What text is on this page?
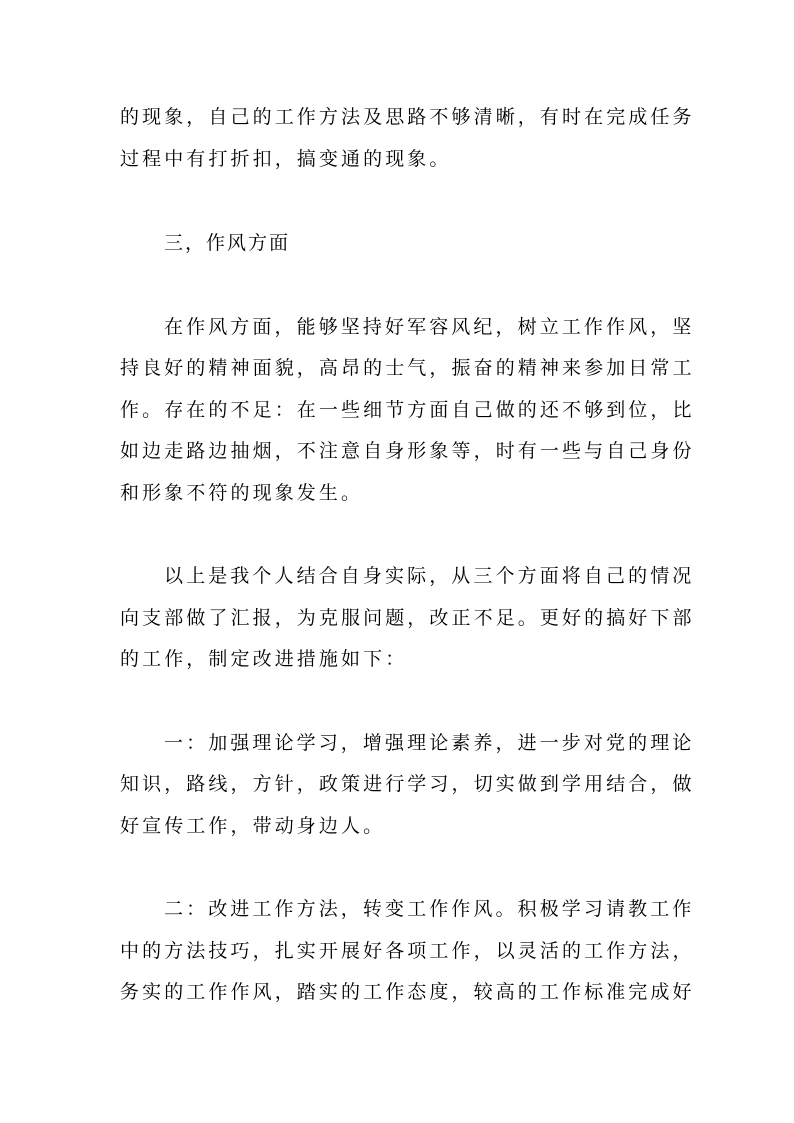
的现象，自己的工作方法及思路不够清晰，有时在完成任务
过程中有打折扣，搞变通的现象。
三，作风方面
在作风方面，能够坚持好军容风纪，树立工作作风，坚
持良好的精神面貌，高昂的士气，振奋的精神来参加日常工
作。存在的不足：在一些细节方面自己做的还不够到位，比
如边走路边抽烟，不注意自身形象等，时有一些与自己身份
和形象不符的现象发生。
以上是我个人结合自身实际，从三个方面将自己的情况
向支部做了汇报，为克服问题，改正不足。更好的搞好下部
的工作，制定改进措施如下：
一：加强理论学习，增强理论素养，进一步对党的理论
知识，路线，方针，政策进行学习，切实做到学用结合，做
好宣传工作，带动身边人。
二：改进工作方法，转变工作作风。积极学习请教工作
中的方法技巧，扎实开展好各项工作，以灵活的工作方法，
务实的工作作风，踏实的工作态度，较高的工作标准完成好
